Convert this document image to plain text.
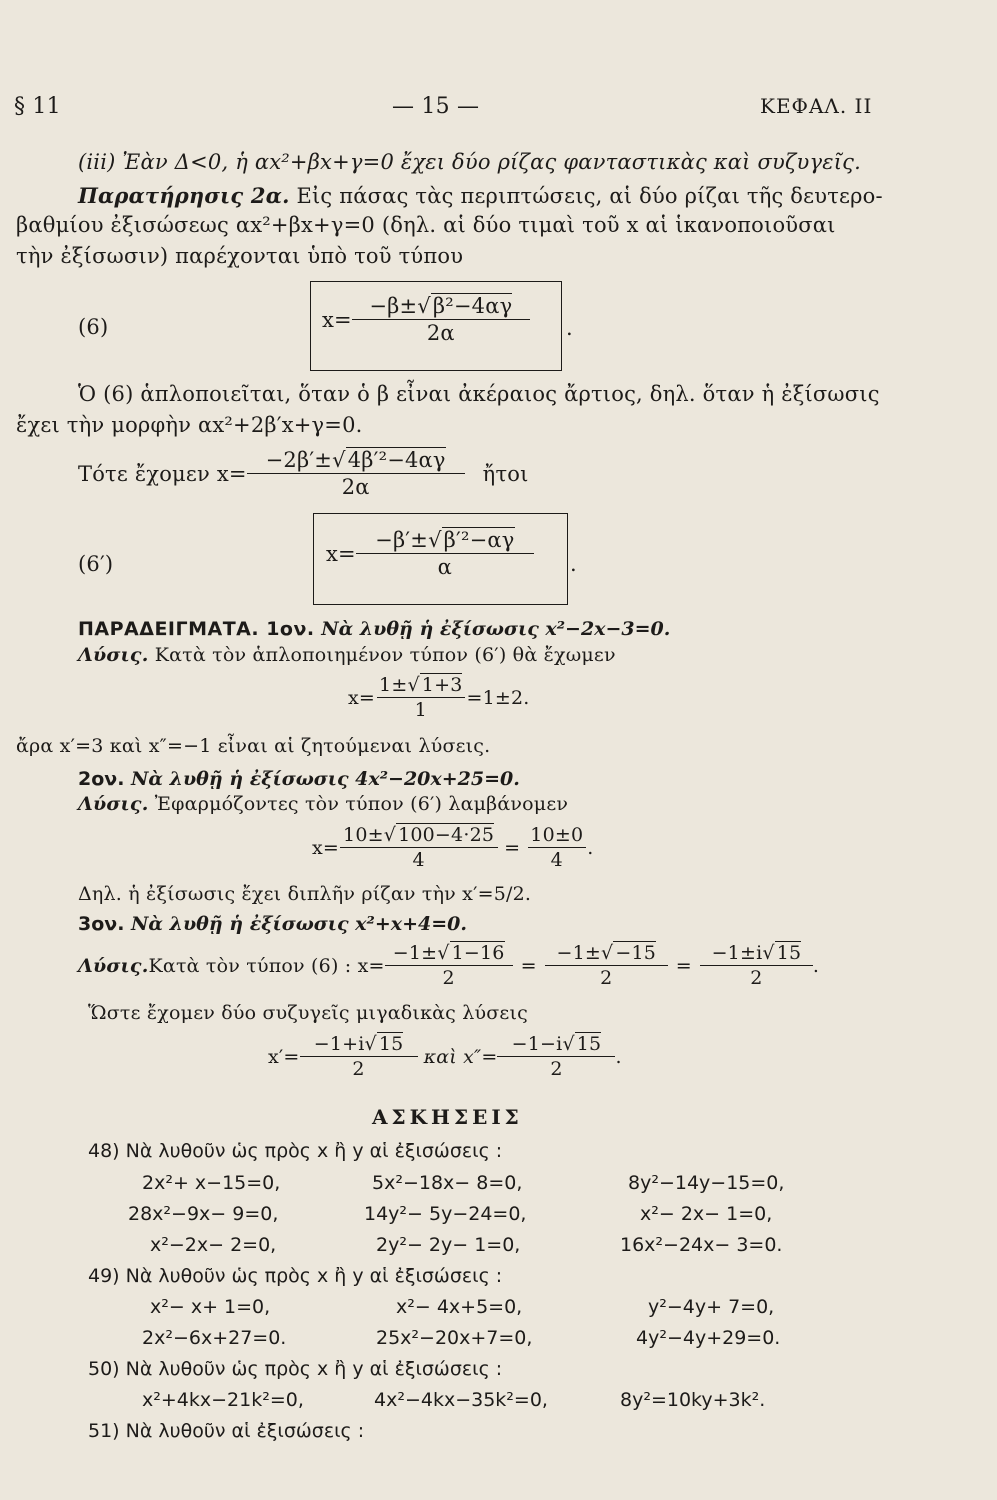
§ 11	— 15 —	ΚΕΦΑΛ. II
(iii) Ἐὰν Δ<0, ἡ αx²+βx+γ=0 ἔχει δύο ρίζας φανταστικὰς καὶ συζυγεῖς.
Παρατήρησις 2α. Εἰς πάσας τὰς περιπτώσεις, αἱ δύο ρίζαι τῆς δευτερο-
βαθμίου ἐξισώσεως αx²+βx+γ=0 (δηλ. αἱ δύο τιμαὶ τοῦ x αἱ ἱκανοποιοῦσαι
τὴν ἐξίσωσιν) παρέχονται ὑπὸ τοῦ τύπου
(6)	$x= \frac{\text{−β±√β²−4αγ}}{2\alpha}$ .
Ὁ (6) ἁπλοποιεῖται, ὅταν ὁ β εἶναι ἀκέραιος ἄρτιος, δηλ. ὅταν ἡ ἐξίσωσις
ἔχει τὴν μορφὴν αx²+2β′x+γ=0.
Τότε ἔχομεν $x= \frac{\text{−2β′±√4β′²−4αγ}}{2\alpha}$ ἤτοι
(6′)	$x= \frac{\text{−β′±√β′²−αγ}}{\alpha}$ .
ΠΑΡΑΔΕΙΓΜΑΤΑ. 1ον. Νὰ λυθῇ ἡ ἐξίσωσις x²−2x−3=0.
Λύσις. Κατὰ τὸν ἁπλοποιημένον τύπον (6′) θὰ ἔχωμεν
$x= \frac{1\pm√ 1+3}{1} =1\pm 2$.
ἄρα x′=3 καὶ x″=−1 εἶναι αἱ ζητούμεναι λύσεις.
2ον. Νὰ λυθῇ ἡ ἐξίσωσις 4x²−20x+25=0.
Λύσις. Ἐφαρμόζοντες τὸν τύπον (6′) λαμβάνομεν
$x= \frac{10\pm√ 100-4\cdot 25}{4} = \frac{10\pm 0}{4}$ .
Δηλ. ἡ ἐξίσωσις ἔχει διπλῆν ρίζαν τὴν x′=5/2.
3ον. Νὰ λυθῇ ἡ ἐξίσωσις x²+x+4=0.
Λύσις. Κατὰ τὸν τύπον (6) : $x= \frac{-1\pm√ 1-16}{2} = \frac{-1\pm√ -15}{2} = \frac{-1\pm i√ 15}{2}$ .
Ὥστε ἔχομεν δύο συζυγεῖς μιγαδικὰς λύσεις
$x'= \frac{-1+i√ 15}{2}$ καὶ $x''= \frac{-1-i√ 15}{2}$ .
ΑΣΚΗΣΕΙΣ
48) Νὰ λυθοῦν ὡς πρὸς x ἢ y αἱ ἐξισώσεις :
2x²+ x−15=0,	5x²−18x− 8=0,	8y²−14y−15=0,
28x²−9x− 9=0,	14y²− 5y−24=0,	x²− 2x− 1=0,
x²−2x− 2=0,	2y²− 2y− 1=0,	16x²−24x− 3=0.
49) Νὰ λυθοῦν ὡς πρὸς x ἢ y αἱ ἐξισώσεις :
x²− x+ 1=0,	x²− 4x+5=0,	y²−4y+ 7=0,
2x²−6x+27=0.	25x²−20x+7=0,	4y²−4y+29=0.
50) Νὰ λυθοῦν ὡς πρὸς x ἢ y αἱ ἐξισώσεις :
x²+4kx−21k²=0,	4x²−4kx−35k²=0,	8y²=10ky+3k².
51) Νὰ λυθοῦν αἱ ἐξισώσεις :
